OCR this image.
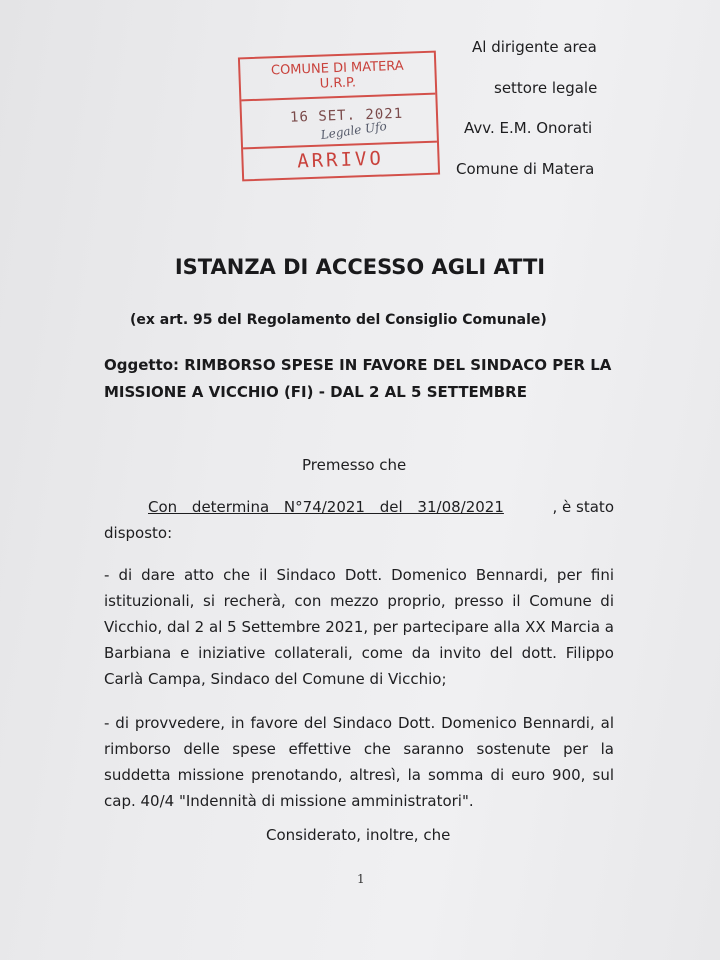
COMUNE DI MATERA
U.R.P.
16 SET. 2021
Legale Ufo
ARRIVO
Al dirigente area
settore legale
Avv. E.M. Onorati
Comune di Matera
ISTANZA DI ACCESSO AGLI ATTI
(ex art. 95 del Regolamento del Consiglio Comunale)
Oggetto: RIMBORSO SPESE IN FAVORE DEL SINDACO PER LA
MISSIONE A VICCHIO (FI) - DAL 2 AL 5 SETTEMBRE
Premesso che
Con determina N°74/2021 del 31/08/2021	, è stato
disposto:
- di dare atto che il Sindaco Dott. Domenico Bennardi, per fini istituzionali, si recherà, con mezzo proprio, presso il Comune di Vicchio, dal 2 al 5 Settembre 2021, per partecipare alla XX Marcia a Barbiana e iniziative collaterali, come da invito del dott. Filippo Carlà Campa, Sindaco del Comune di Vicchio;
- di provvedere, in favore del Sindaco Dott. Domenico Bennardi, al rimborso delle spese effettive che saranno sostenute per la suddetta missione prenotando, altresì, la somma di euro 900, sul cap. 40/4 "Indennità di missione amministratori".
Considerato, inoltre, che
1
